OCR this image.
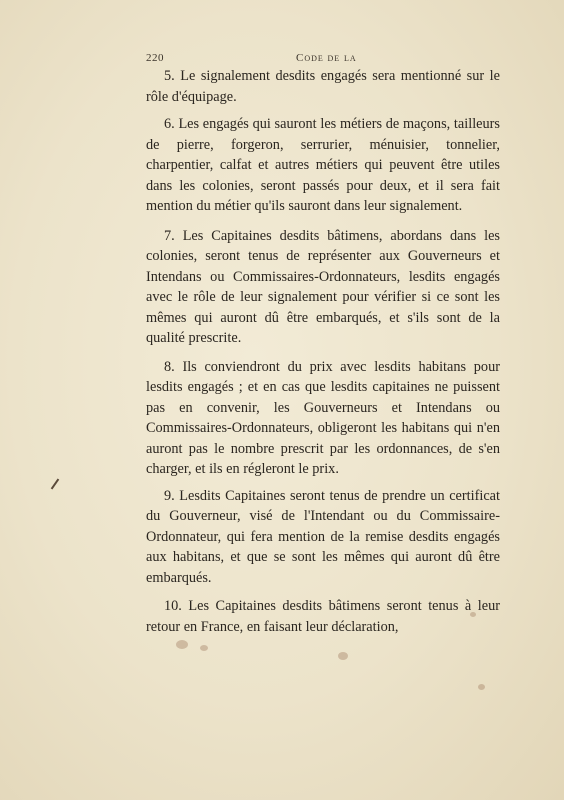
220	Code de la

5. Le signalement desdits engagés sera mentionné sur le rôle d'équipage.

6. Les engagés qui sauront les métiers de maçons, tailleurs de pierre, forgeron, serrurier, ménuisier, tonnelier, charpentier, calfat et autres métiers qui peuvent être utiles dans les colonies, seront passés pour deux, et il sera fait mention du métier qu'ils sauront dans leur signalement.

7. Les Capitaines desdits bâtimens, abordans dans les colonies, seront tenus de représenter aux Gouverneurs et Intendans ou Commissaires-Ordonnateurs, lesdits engagés avec le rôle de leur signalement pour vérifier si ce sont les mêmes qui auront dû être embarqués, et s'ils sont de la qualité prescrite.

8. Ils conviendront du prix avec lesdits habitans pour lesdits engagés ; et en cas que lesdits capitaines ne puissent pas en convenir, les Gouverneurs et Intendans ou Commissaires-Ordonnateurs, obligeront les habitans qui n'en auront pas le nombre prescrit par les ordonnances, de s'en charger, et ils en régleront le prix.

9. Lesdits Capitaines seront tenus de prendre un certificat du Gouverneur, visé de l'Intendant ou du Commissaire-Ordonnateur, qui fera mention de la remise desdits engagés aux habitans, et que se sont les mêmes qui auront dû être embarqués.

10. Les Capitaines desdits bâtimens seront tenus à leur retour en France, en faisant leur déclaration,
